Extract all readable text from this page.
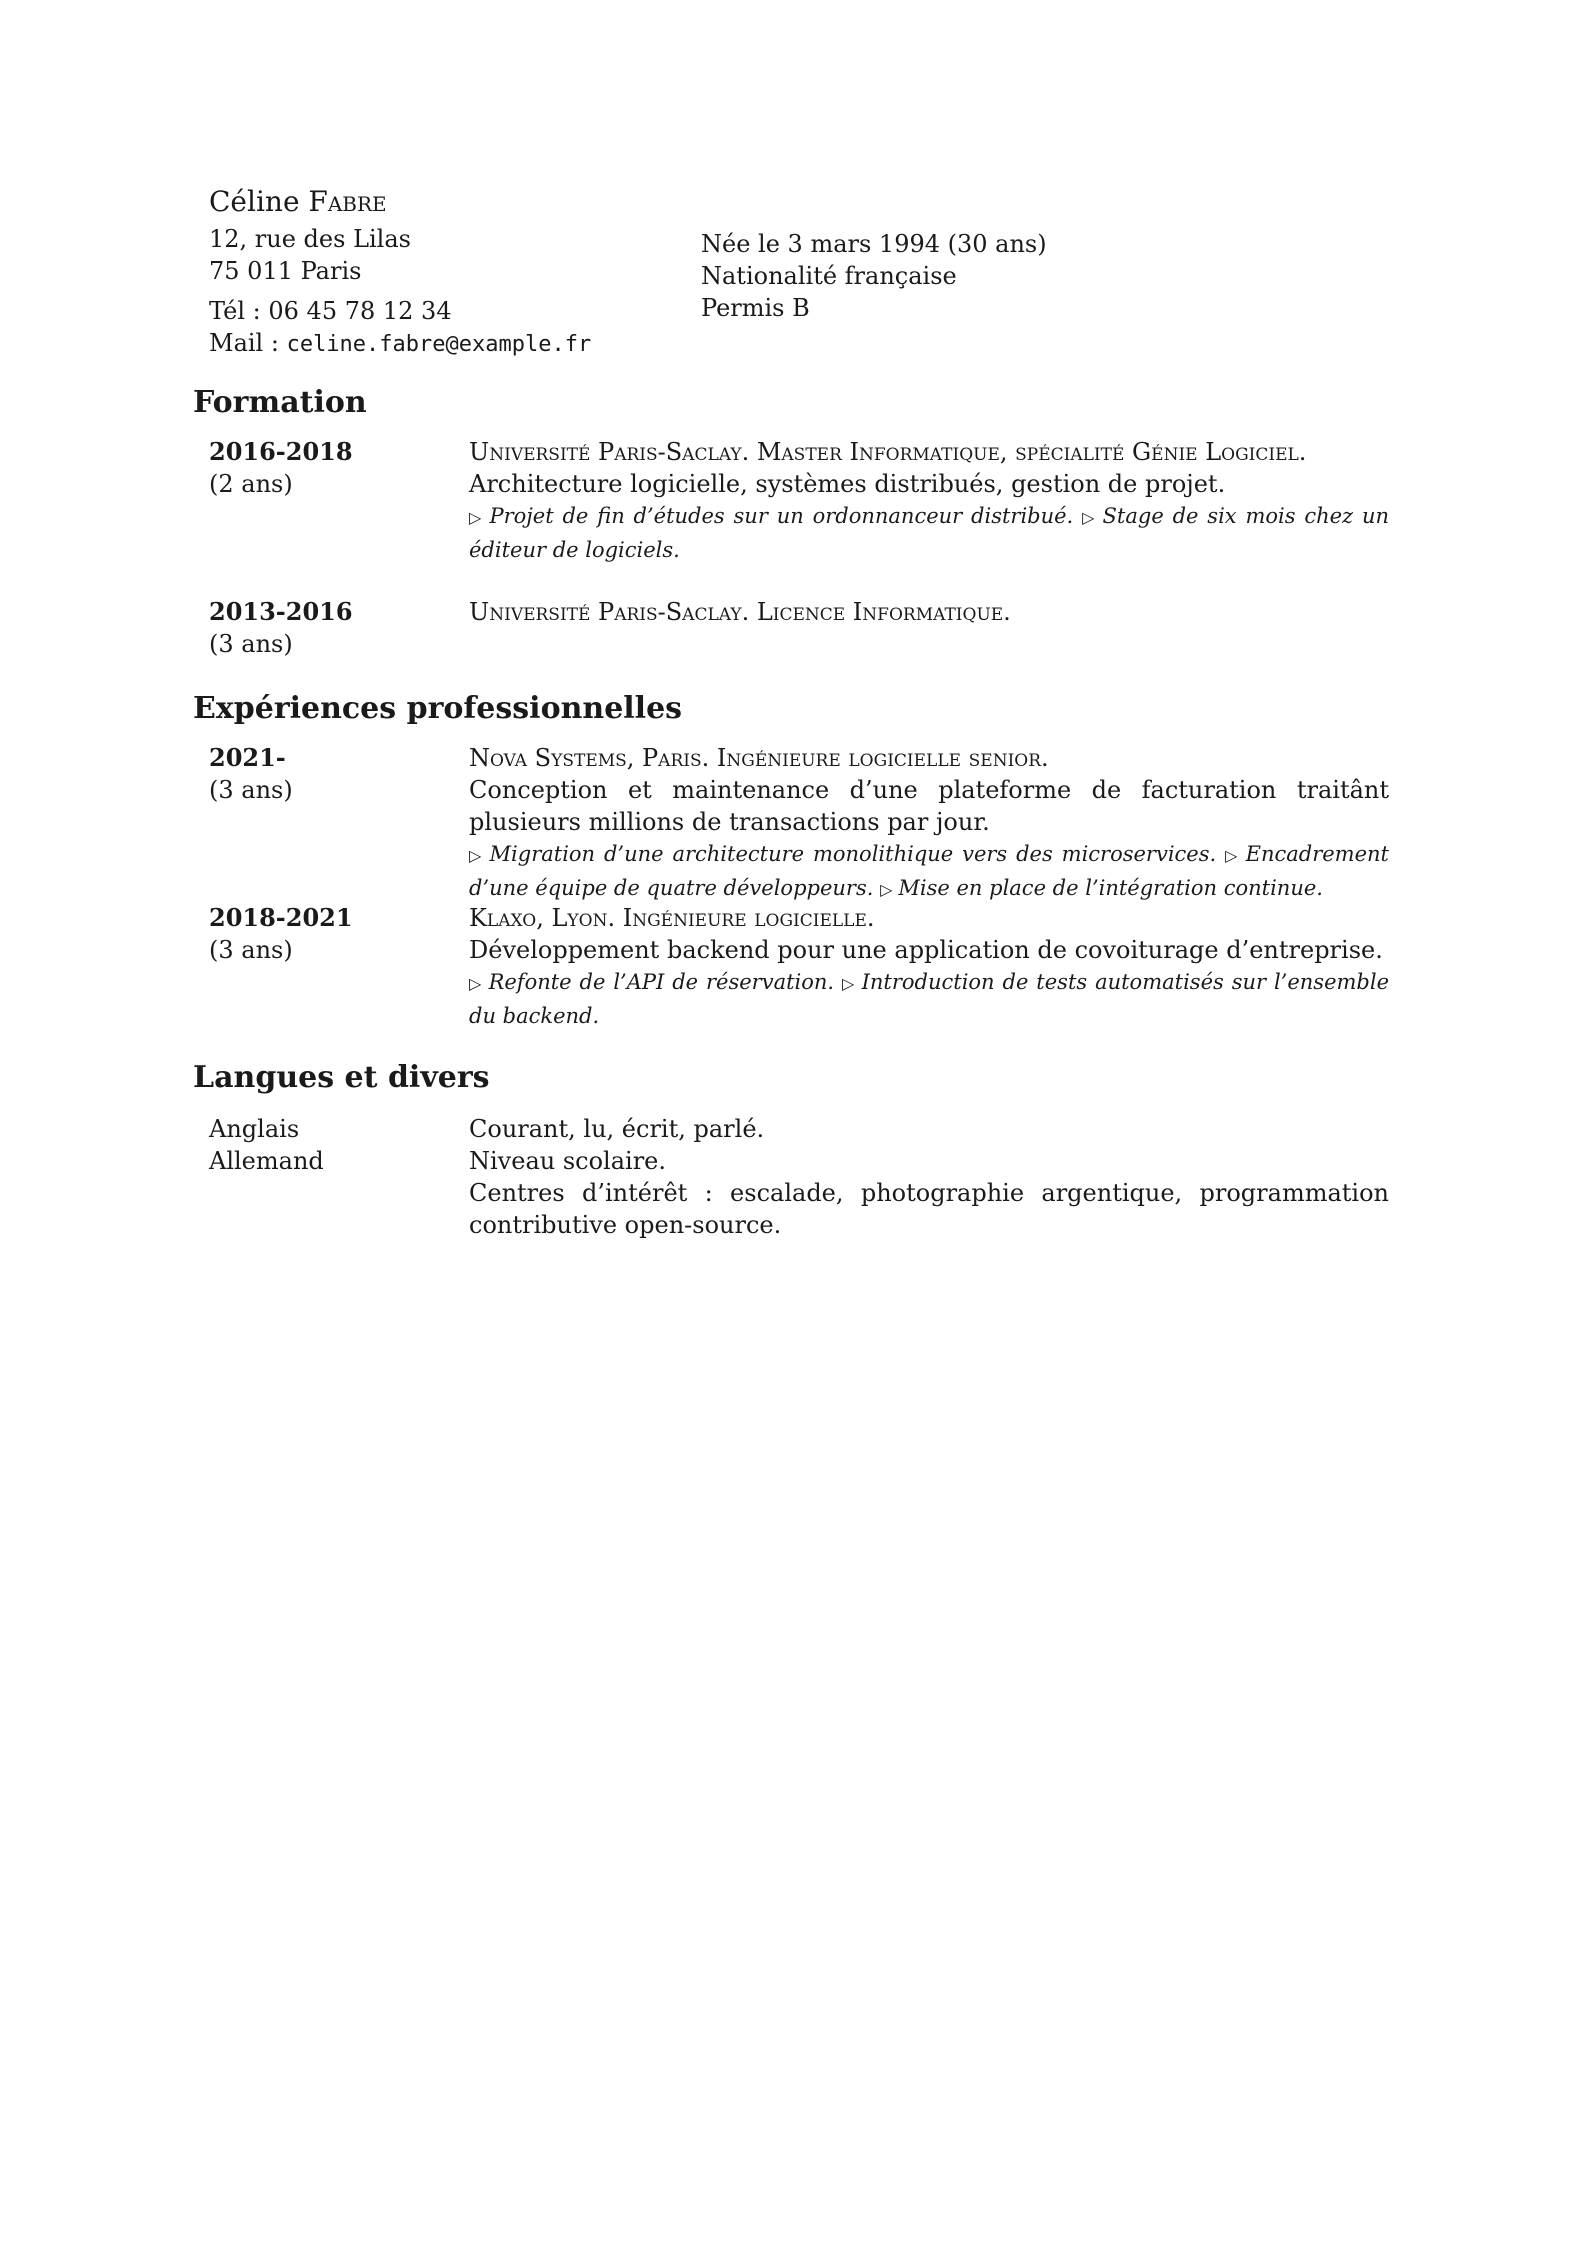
Céline Fabre
12, rue des Lilas
75 011 Paris
Tél : 06 45 78 12 34
Mail : celine.fabre@example.fr
Née le 3 mars 1994 (30 ans)
Nationalité française
Permis B
Formation
2016-2018
(2 ans)

Université Paris-Saclay. Master Informatique, spécialité Génie Logiciel.

Architecture logicielle, systèmes distribués, gestion de projet.

▷ Projet de fin d’études sur un ordonnanceur distribué. ▷ Stage de six mois chez un éditeur de logiciels.

2013-2016
(3 ans)

Université Paris-Saclay. Licence Informatique.

Expériences professionnelles
2021-
(3 ans)

Nova Systems, Paris. Ingénieure logicielle senior.

Conception et maintenance d’une plateforme de facturation traitânt plusieurs millions de transactions par jour.

▷ Migration d’une architecture monolithique vers des microservices. ▷ Encadrement d’une équipe de quatre développeurs. ▷ Mise en place de l’intégration continue.

2018-2021
(3 ans)

Klaxo, Lyon. Ingénieure logicielle.

Développement backend pour une application de covoiturage d’entreprise.

▷ Refonte de l’API de réservation. ▷ Introduction de tests automatisés sur l’ensemble du backend.

Langues et divers
Anglais	Courant, lu, écrit, parlé.
Allemand	Niveau scolaire.
Centres d’intérêt : escalade, photographie argentique, programmation contributive open-source.
